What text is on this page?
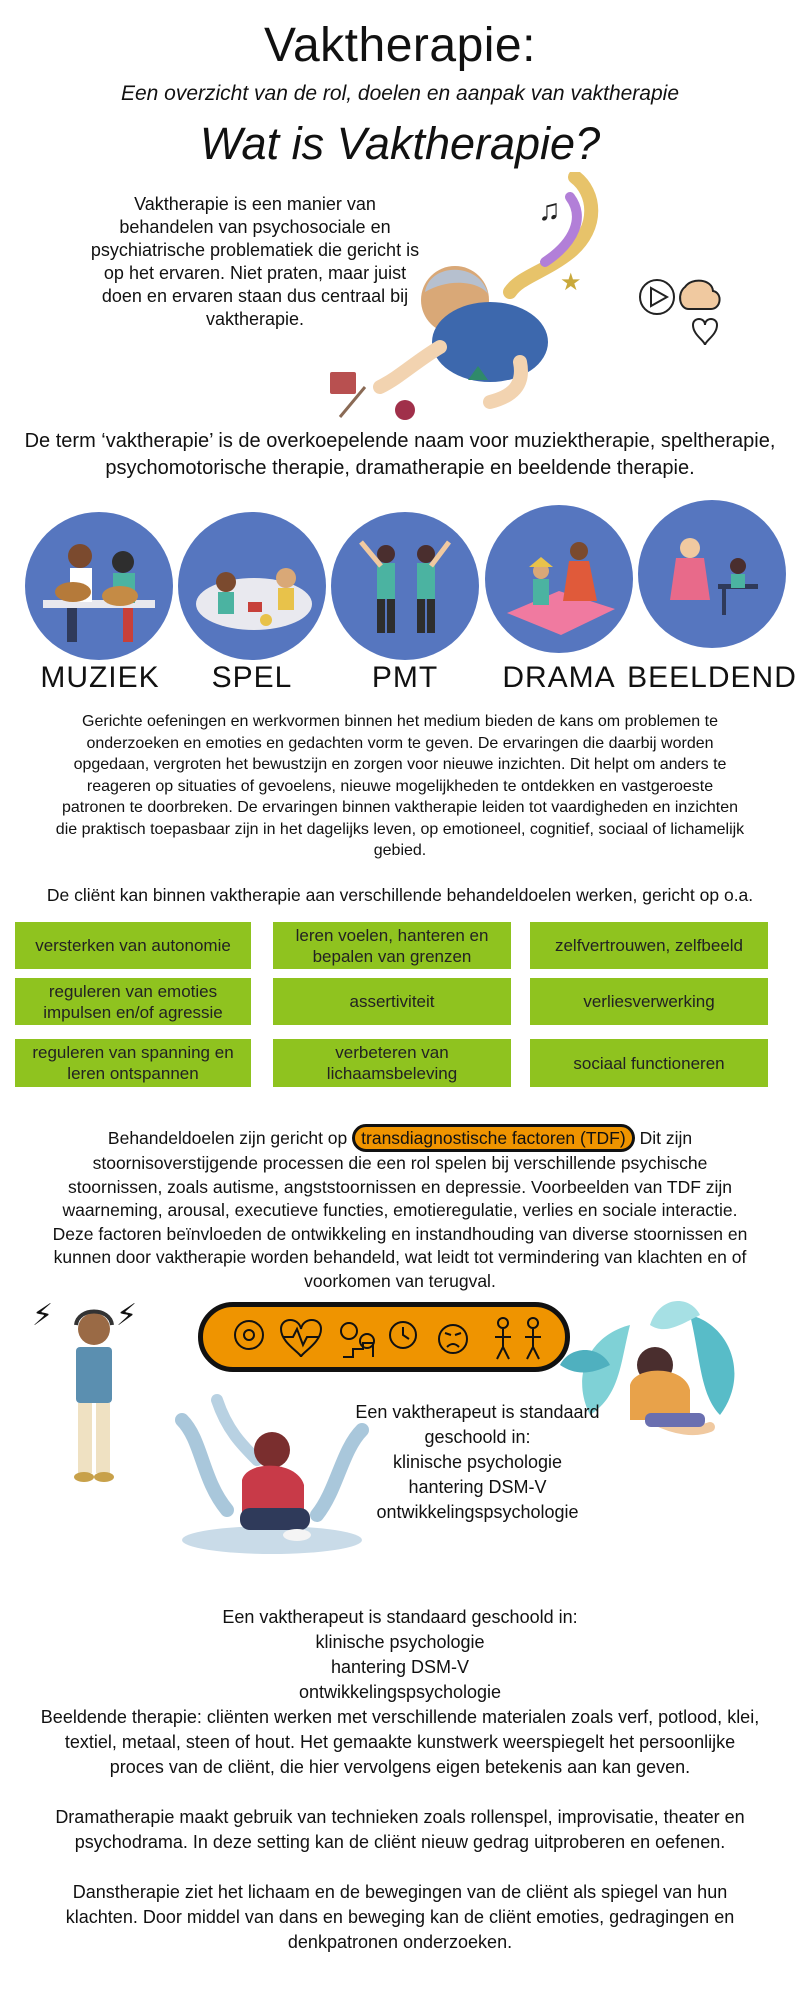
Vaktherapie:
Een overzicht van de rol, doelen en aanpak van vaktherapie
Wat is Vaktherapie?
Vaktherapie is een manier van behandelen van psychosociale en psychiatrische problematiek die gericht is op het ervaren. Niet praten, maar juist doen en ervaren staan dus centraal bij vaktherapie.
♫
★
De term ‘vaktherapie’ is de overkoepelende naam voor muziektherapie, speltherapie, psychomotorische therapie, dramatherapie en beeldende therapie.
MUZIEK	SPEL	PMT	DRAMA BEELDEND
Gerichte oefeningen en werkvormen binnen het medium bieden de kans om problemen te onderzoeken en emoties en gedachten vorm te geven. De ervaringen die daarbij worden opgedaan, vergroten het bewustzijn en zorgen voor nieuwe inzichten. Dit helpt om anders te reageren op situaties of gevoelens, nieuwe mogelijkheden te ontdekken en vastgeroeste patronen te doorbreken. De ervaringen binnen vaktherapie leiden tot vaardigheden en inzichten die praktisch toepasbaar zijn in het dagelijks leven, op emotioneel, cognitief, sociaal of lichamelijk gebied.
De cliënt kan binnen vaktherapie aan verschillende behandeldoelen werken, gericht op o.a.
versterken van autonomie
leren voelen, hanteren en bepalen van grenzen
zelfvertrouwen, zelfbeeld
reguleren van emoties impulsen en/of agressie
assertiviteit	verliesverwerking
reguleren van spanning en leren ontspannen
verbeteren van lichaamsbeleving
sociaal functioneren
Behandeldoelen zijn gericht op transdiagnostische factoren (TDF) Dit zijn stoornisoverstijgende processen die een rol spelen bij verschillende psychische stoornissen, zoals autisme, angststoornissen en depressie. Voorbeelden van TDF zijn waarneming, arousal, executieve functies, emotieregulatie, verlies en sociale interactie. Deze factoren beïnvloeden de ontwikkeling en instandhouding van diverse stoornissen en kunnen door vaktherapie worden behandeld, wat leidt tot vermindering van klachten en of voorkomen van terugval.
⚡ ⚡
Een vaktherapeut is standaard geschoold in:
klinische psychologie
hantering DSM-V
ontwikkelingspsychologie
Een vaktherapeut is standaard geschoold in:
klinische psychologie
hantering DSM-V
ontwikkelingspsychologie
Beeldende therapie: cliënten werken met verschillende materialen zoals verf, potlood, klei, textiel, metaal, steen of hout. Het gemaakte kunstwerk weerspiegelt het persoonlijke proces van de cliënt, die hier vervolgens eigen betekenis aan kan geven.
Dramatherapie maakt gebruik van technieken zoals rollenspel, improvisatie, theater en psychodrama. In deze setting kan de cliënt nieuw gedrag uitproberen en oefenen.
Danstherapie ziet het lichaam en de bewegingen van de cliënt als spiegel van hun klachten. Door middel van dans en beweging kan de cliënt emoties, gedragingen en denkpatronen onderzoeken.
